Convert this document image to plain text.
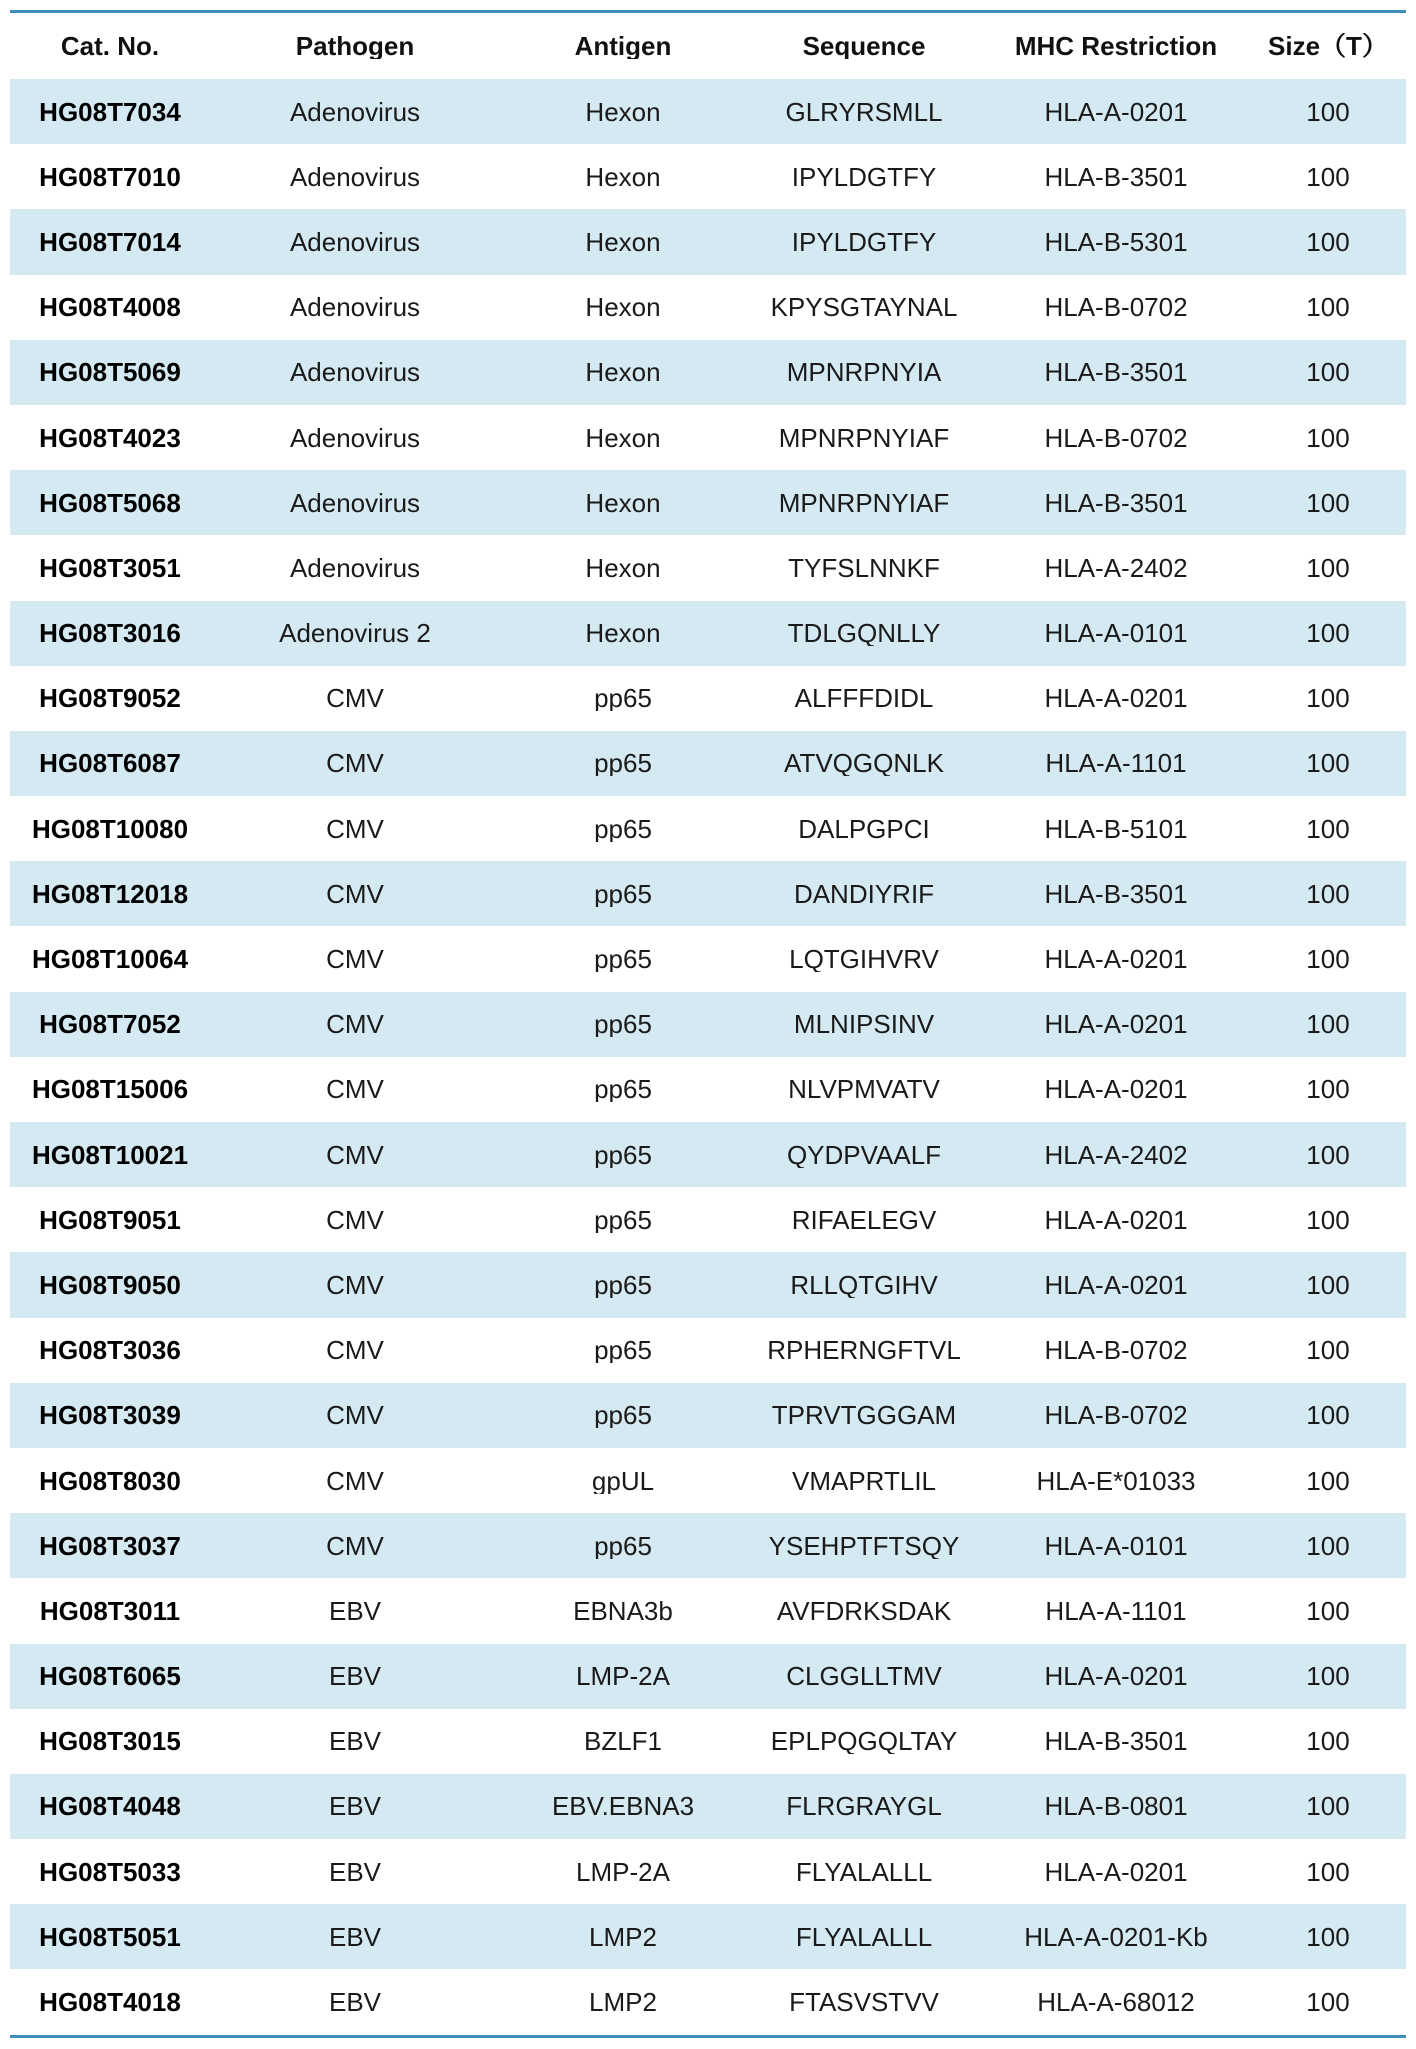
Cat. No.	Pathogen	Antigen	Sequence	MHC Restriction	Size（T）
HG08T7034	Adenovirus	Hexon	GLRYRSMLL	HLA-A-0201	100
HG08T7010	Adenovirus	Hexon	IPYLDGTFY	HLA-B-3501	100
HG08T7014	Adenovirus	Hexon	IPYLDGTFY	HLA-B-5301	100
HG08T4008	Adenovirus	Hexon	KPYSGTAYNAL	HLA-B-0702	100
HG08T5069	Adenovirus	Hexon	MPNRPNYIA	HLA-B-3501	100
HG08T4023	Adenovirus	Hexon	MPNRPNYIAF	HLA-B-0702	100
HG08T5068	Adenovirus	Hexon	MPNRPNYIAF	HLA-B-3501	100
HG08T3051	Adenovirus	Hexon	TYFSLNNKF	HLA-A-2402	100
HG08T3016	Adenovirus 2	Hexon	TDLGQNLLY	HLA-A-0101	100
HG08T9052	CMV	pp65	ALFFFDIDL	HLA-A-0201	100
HG08T6087	CMV	pp65	ATVQGQNLK	HLA-A-1101	100
HG08T10080	CMV	pp65	DALPGPCI	HLA-B-5101	100
HG08T12018	CMV	pp65	DANDIYRIF	HLA-B-3501	100
HG08T10064	CMV	pp65	LQTGIHVRV	HLA-A-0201	100
HG08T7052	CMV	pp65	MLNIPSINV	HLA-A-0201	100
HG08T15006	CMV	pp65	NLVPMVATV	HLA-A-0201	100
HG08T10021	CMV	pp65	QYDPVAALF	HLA-A-2402	100
HG08T9051	CMV	pp65	RIFAELEGV	HLA-A-0201	100
HG08T9050	CMV	pp65	RLLQTGIHV	HLA-A-0201	100
HG08T3036	CMV	pp65	RPHERNGFTVL	HLA-B-0702	100
HG08T3039	CMV	pp65	TPRVTGGGAM	HLA-B-0702	100
HG08T8030	CMV	gpUL	VMAPRTLIL	HLA-E*01033	100
HG08T3037	CMV	pp65	YSEHPTFTSQY	HLA-A-0101	100
HG08T3011	EBV	EBNA3b	AVFDRKSDAK	HLA-A-1101	100
HG08T6065	EBV	LMP-2A	CLGGLLTMV	HLA-A-0201	100
HG08T3015	EBV	BZLF1	EPLPQGQLTAY	HLA-B-3501	100
HG08T4048	EBV	EBV.EBNA3	FLRGRAYGL	HLA-B-0801	100
HG08T5033	EBV	LMP-2A	FLYALALLL	HLA-A-0201	100
HG08T5051	EBV	LMP2	FLYALALLL	HLA-A-0201-Kb	100
HG08T4018	EBV	LMP2	FTASVSTVV	HLA-A-68012	100
